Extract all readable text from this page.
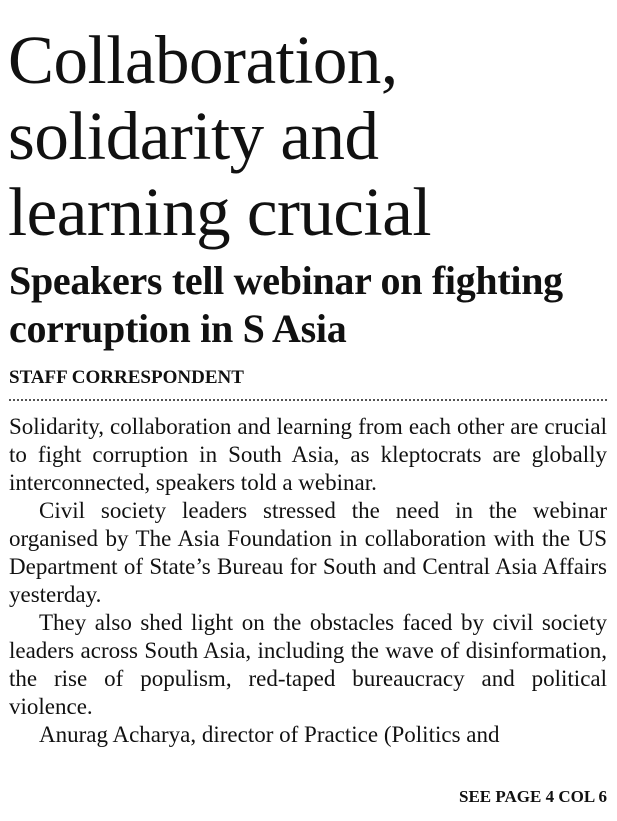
Collaboration, solidarity and learning crucial
Speakers tell webinar on fighting corruption in S Asia
STAFF CORRESPONDENT

Solidarity, collaboration and learning from each other are crucial to fight corruption in South Asia, as kleptocrats are globally interconnected, speakers told a webinar.

Civil society leaders stressed the need in the webinar organised by The Asia Foundation in collaboration with the US Department of State’s Bureau for South and Central Asia Affairs yesterday.

They also shed light on the obstacles faced by civil society leaders across South Asia, including the wave of disinformation, the rise of populism, red-taped bureaucracy and political violence.

Anurag Acharya, director of Practice (Politics and

SEE PAGE 4 COL 6
